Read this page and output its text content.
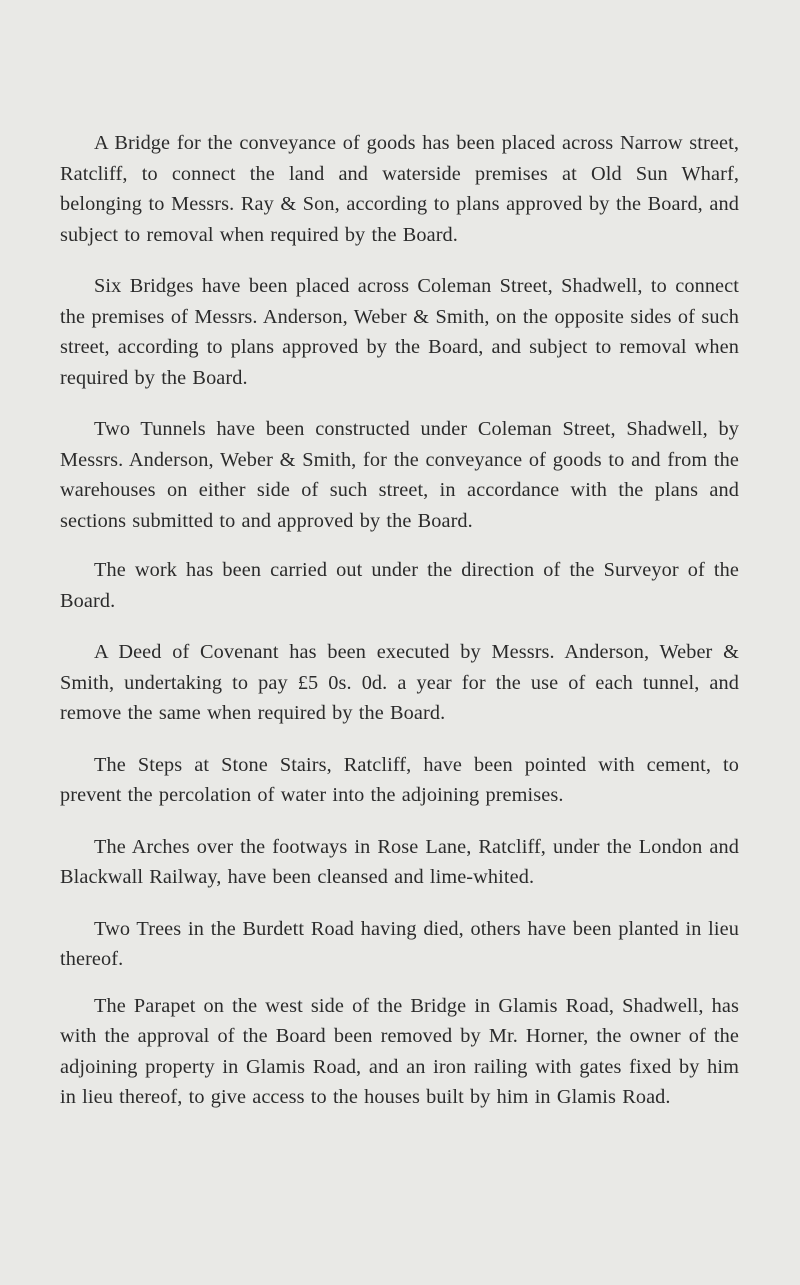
A Bridge for the conveyance of goods has been placed across Narrow street, Ratcliff, to connect the land and waterside premises at Old Sun Wharf, belonging to Messrs. Ray & Son, according to plans approved by the Board, and subject to removal when required by the Board.

Six Bridges have been placed across Coleman Street, Shadwell, to connect the premises of Messrs. Anderson, Weber & Smith, on the opposite sides of such street, according to plans approved by the Board, and subject to removal when required by the Board.

Two Tunnels have been constructed under Coleman Street, Shadwell, by Messrs. Anderson, Weber & Smith, for the conveyance of goods to and from the warehouses on either side of such street, in accordance with the plans and sections submitted to and approved by the Board.

The work has been carried out under the direction of the Surveyor of the Board.

A Deed of Covenant has been executed by Messrs. Anderson, Weber & Smith, undertaking to pay £5 0s. 0d. a year for the use of each tunnel, and remove the same when required by the Board.

The Steps at Stone Stairs, Ratcliff, have been pointed with cement, to prevent the percolation of water into the adjoining premises.

The Arches over the footways in Rose Lane, Ratcliff, under the London and Blackwall Railway, have been cleansed and lime-whited.

Two Trees in the Burdett Road having died, others have been planted in lieu thereof.

The Parapet on the west side of the Bridge in Glamis Road, Shadwell, has with the approval of the Board been removed by Mr. Horner, the owner of the adjoining property in Glamis Road, and an iron railing with gates fixed by him in lieu thereof, to give access to the houses built by him in Glamis Road.
